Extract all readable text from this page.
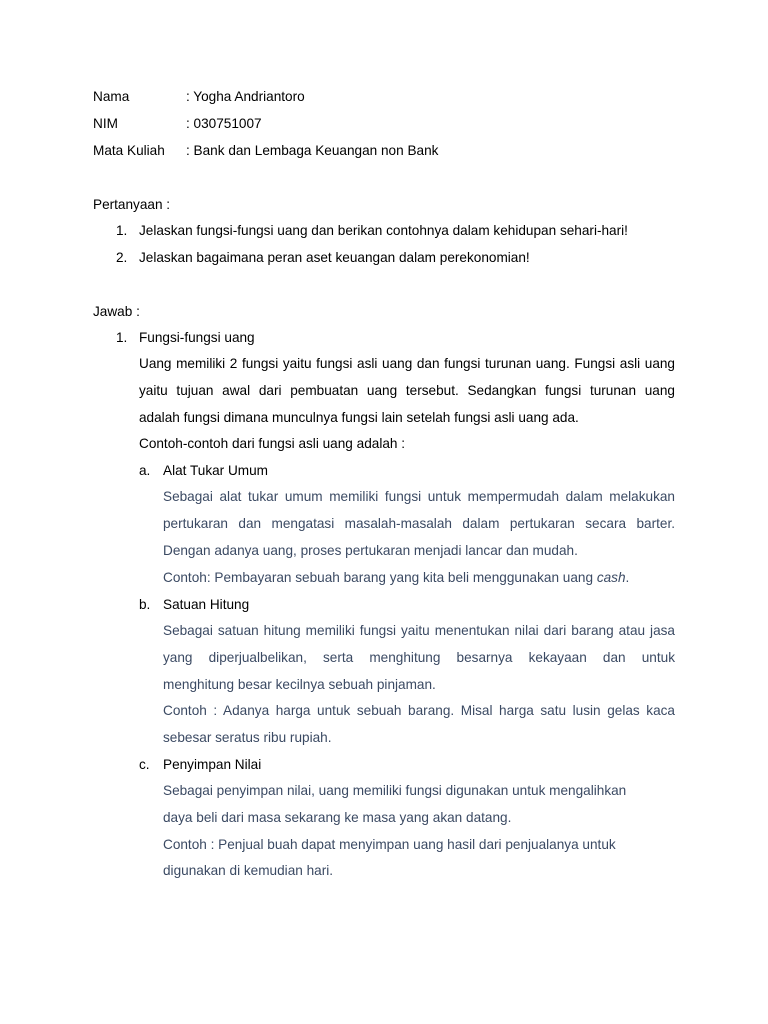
Nama	: Yogha Andriantoro
NIM	: 030751007
Mata Kuliah : Bank dan Lembaga Keuangan non Bank
Pertanyaan :
1. Jelaskan fungsi-fungsi uang dan berikan contohnya dalam kehidupan sehari-hari!
2. Jelaskan bagaimana peran aset keuangan dalam perekonomian!
Jawab :
1. Fungsi-fungsi uang
Uang memiliki 2 fungsi yaitu fungsi asli uang dan fungsi turunan uang. Fungsi asli uang
yaitu tujuan awal dari pembuatan uang tersebut. Sedangkan fungsi turunan uang
adalah fungsi dimana munculnya fungsi lain setelah fungsi asli uang ada.
Contoh-contoh dari fungsi asli uang adalah :
a. Alat Tukar Umum
Sebagai alat tukar umum memiliki fungsi untuk mempermudah dalam melakukan
pertukaran dan mengatasi masalah-masalah dalam pertukaran secara barter.
Dengan adanya uang, proses pertukaran menjadi lancar dan mudah.
Contoh: Pembayaran sebuah barang yang kita beli menggunakan uang cash.
b. Satuan Hitung
Sebagai satuan hitung memiliki fungsi yaitu menentukan nilai dari barang atau jasa
yang diperjualbelikan, serta menghitung besarnya kekayaan dan untuk
menghitung besar kecilnya sebuah pinjaman.
Contoh : Adanya harga untuk sebuah barang. Misal harga satu lusin gelas kaca
sebesar seratus ribu rupiah.
c. Penyimpan Nilai
Sebagai penyimpan nilai, uang memiliki fungsi digunakan untuk mengalihkan
daya beli dari masa sekarang ke masa yang akan datang.
Contoh : Penjual buah dapat menyimpan uang hasil dari penjualanya untuk
digunakan di kemudian hari.
